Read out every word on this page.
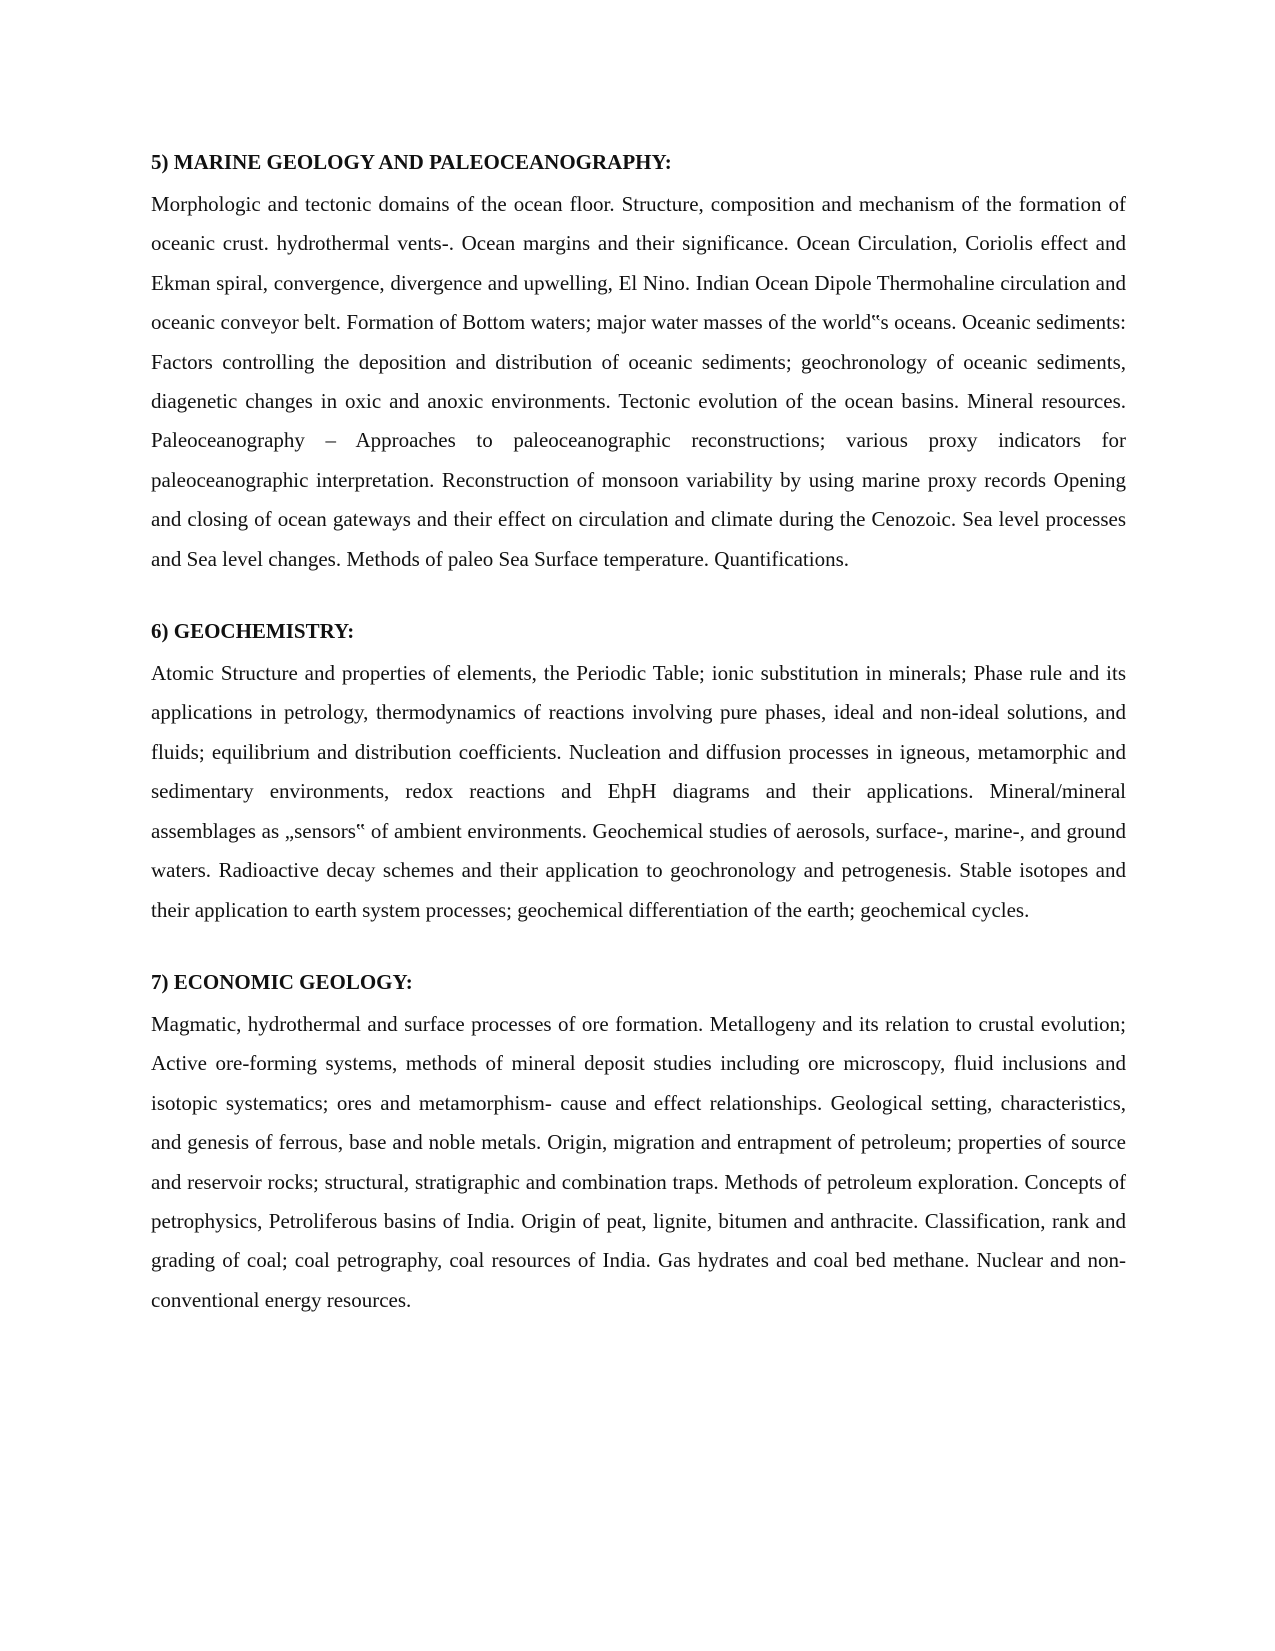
5) MARINE GEOLOGY AND PALEOCEANOGRAPHY:

Morphologic and tectonic domains of the ocean floor. Structure, composition and mechanism of the formation of oceanic crust. hydrothermal vents-. Ocean margins and their significance. Ocean Circulation, Coriolis effect and Ekman spiral, convergence, divergence and upwelling, El Nino. Indian Ocean Dipole Thermohaline circulation and oceanic conveyor belt. Formation of Bottom waters; major water masses of the world‟s oceans. Oceanic sediments: Factors controlling the deposition and distribution of oceanic sediments; geochronology of oceanic sediments, diagenetic changes in oxic and anoxic environments. Tectonic evolution of the ocean basins. Mineral resources. Paleoceanography – Approaches to paleoceanographic reconstructions; various proxy indicators for paleoceanographic interpretation. Reconstruction of monsoon variability by using marine proxy records Opening and closing of ocean gateways and their effect on circulation and climate during the Cenozoic. Sea level processes and Sea level changes. Methods of paleo Sea Surface temperature. Quantifications.

6) GEOCHEMISTRY:

Atomic Structure and properties of elements, the Periodic Table; ionic substitution in minerals; Phase rule and its applications in petrology, thermodynamics of reactions involving pure phases, ideal and non-ideal solutions, and fluids; equilibrium and distribution coefficients. Nucleation and diffusion processes in igneous, metamorphic and sedimentary environments, redox reactions and EhpH diagrams and their applications. Mineral/mineral assemblages as „sensors‟ of ambient environments. Geochemical studies of aerosols, surface-, marine-, and ground waters. Radioactive decay schemes and their application to geochronology and petrogenesis. Stable isotopes and their application to earth system processes; geochemical differentiation of the earth; geochemical cycles.

7) ECONOMIC GEOLOGY:

Magmatic, hydrothermal and surface processes of ore formation. Metallogeny and its relation to crustal evolution; Active ore-forming systems, methods of mineral deposit studies including ore microscopy, fluid inclusions and isotopic systematics; ores and metamorphism- cause and effect relationships. Geological setting, characteristics, and genesis of ferrous, base and noble metals. Origin, migration and entrapment of petroleum; properties of source and reservoir rocks; structural, stratigraphic and combination traps. Methods of petroleum exploration. Concepts of petrophysics, Petroliferous basins of India. Origin of peat, lignite, bitumen and anthracite. Classification, rank and grading of coal; coal petrography, coal resources of India. Gas hydrates and coal bed methane. Nuclear and non-conventional energy resources.
